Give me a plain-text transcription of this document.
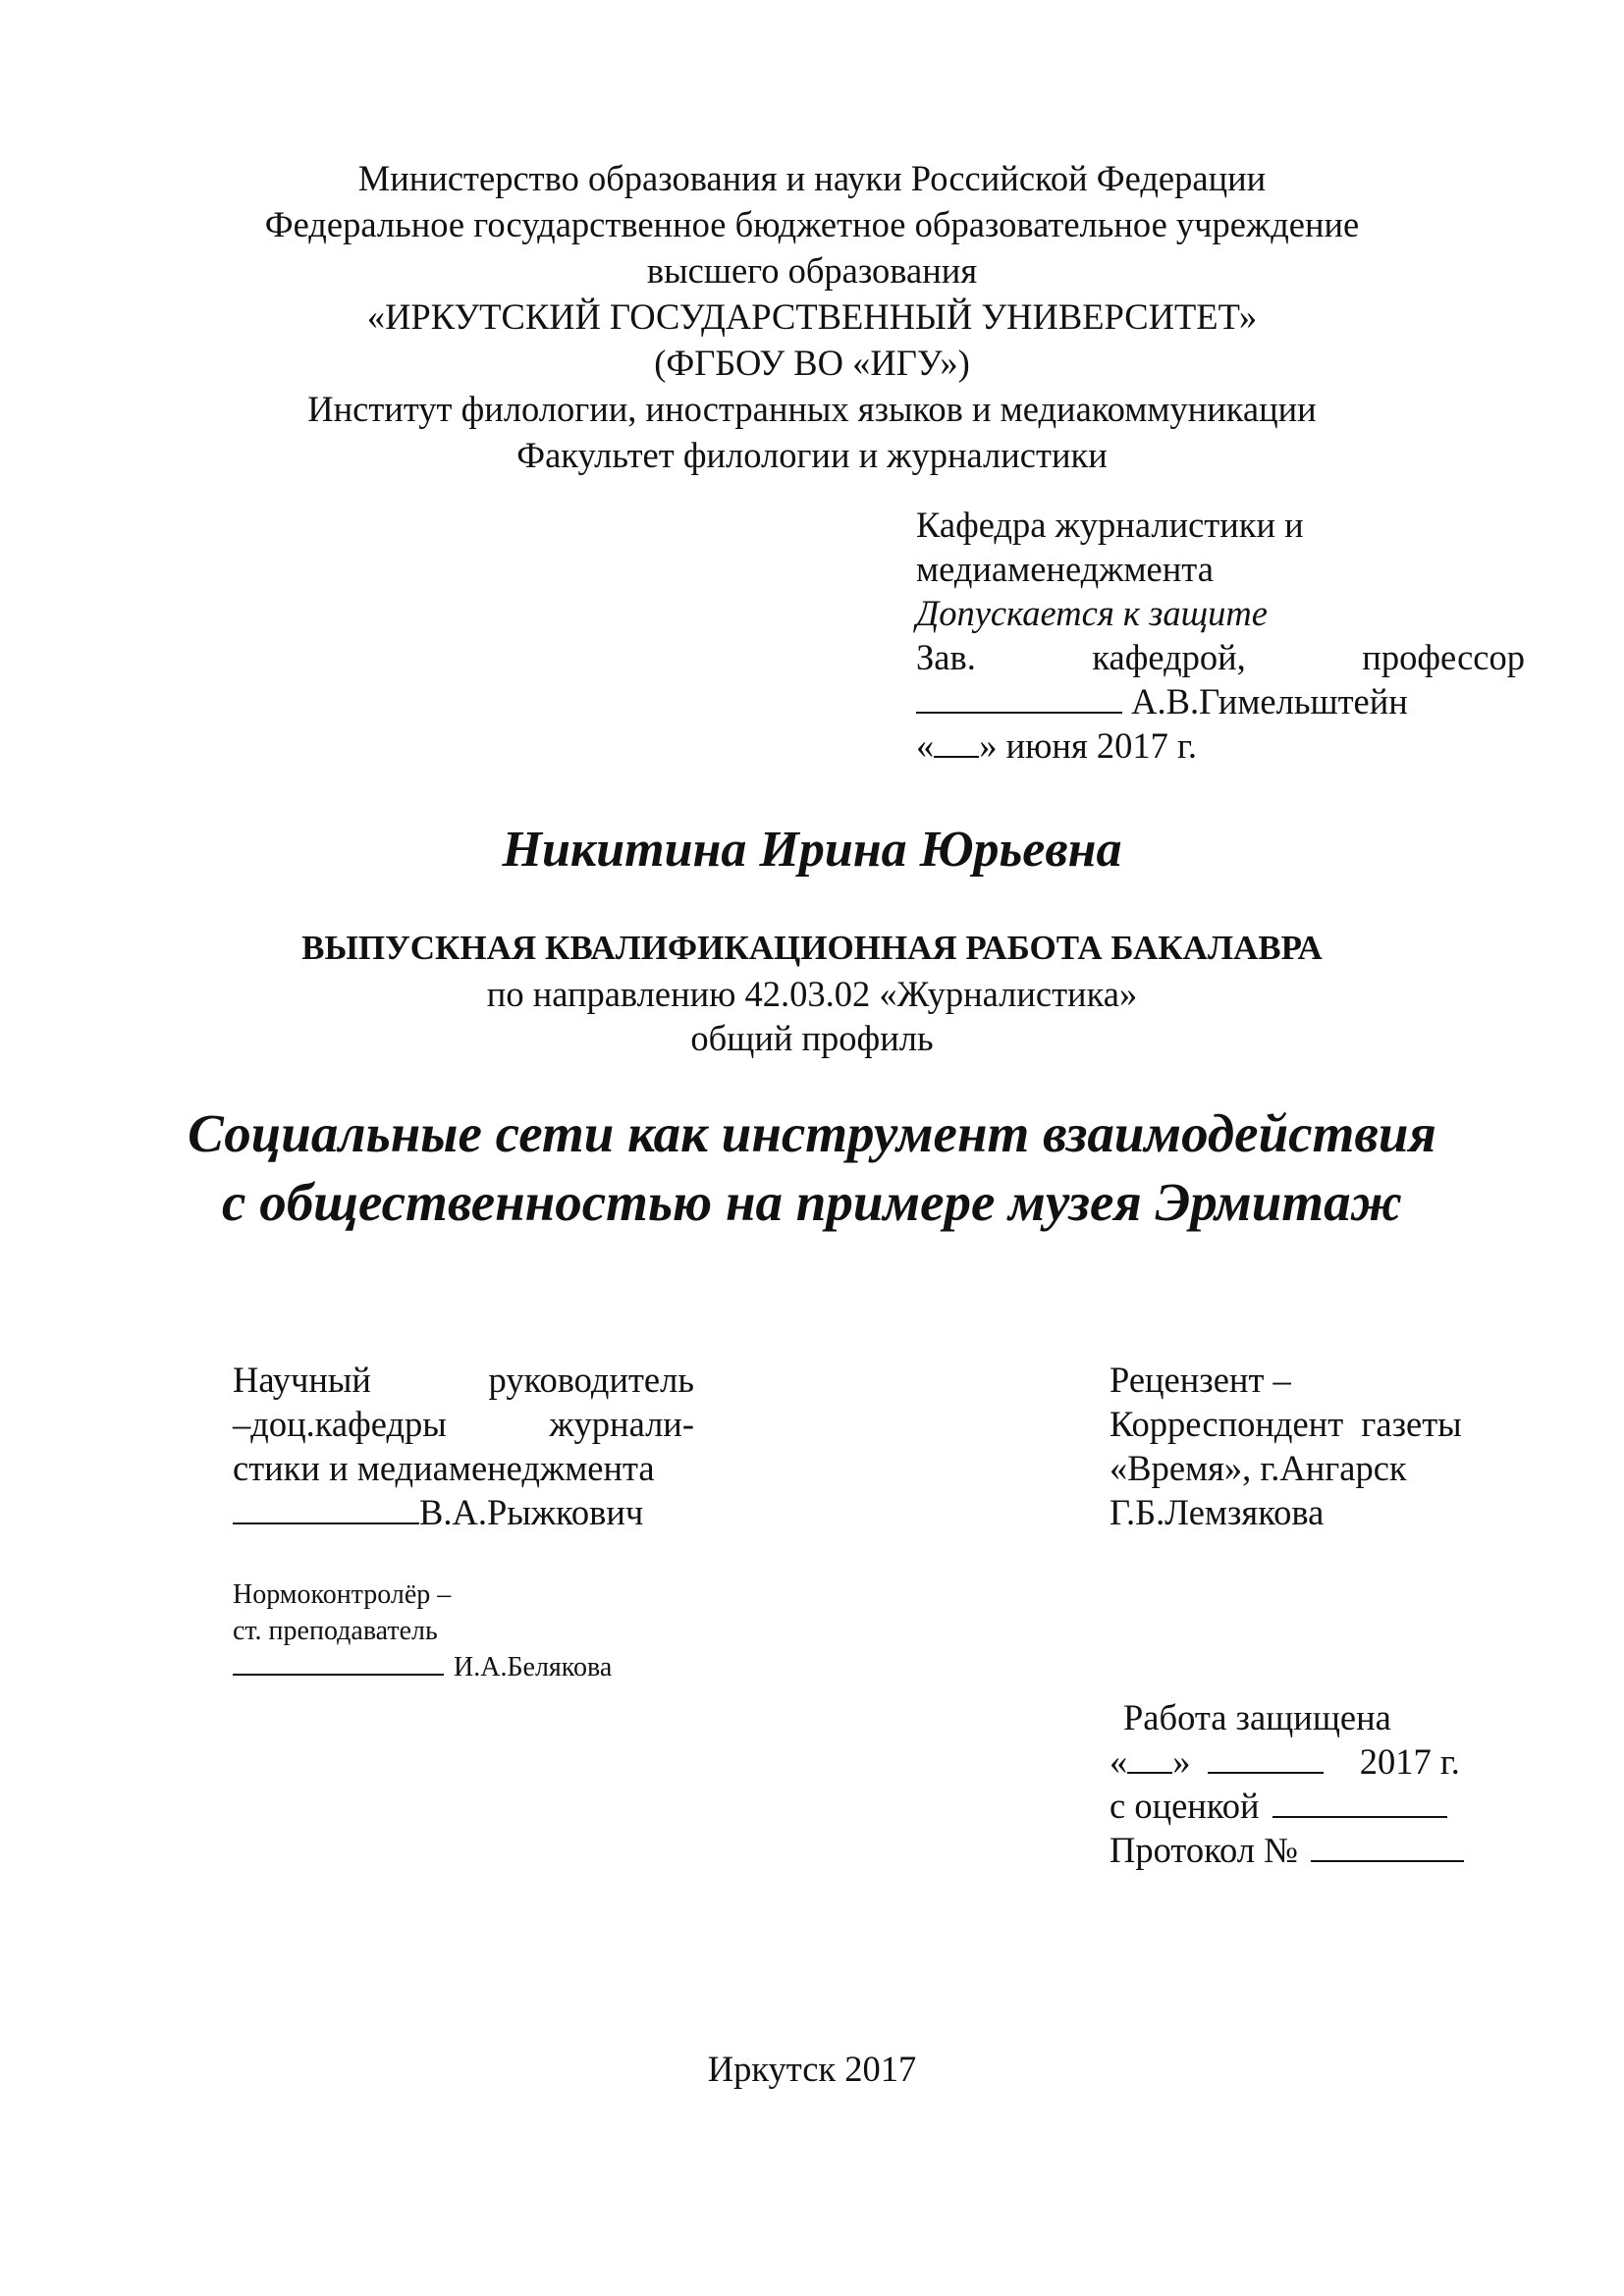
Министерство образования и науки Российской Федерации
Федеральное государственное бюджетное образовательное учреждение
высшего образования
«ИРКУТСКИЙ ГОСУДАРСТВЕННЫЙ УНИВЕРСИТЕТ»
(ФГБОУ ВО «ИГУ»)
Институт филологии, иностранных языков и медиакоммуникации
Факультет филологии и журналистики
Кафедра журналистики и
медиаменеджмента
Допускается к защите
Зав.	кафедрой,	профессор
А.В.Гимельштейн
« » июня 2017 г.
Никитина Ирина Юрьевна
ВЫПУСКНАЯ КВАЛИФИКАЦИОННАЯ РАБОТА БАКАЛАВРА
по направлению 42.03.02 «Журналистика»
общий профиль
Социальные сети как инструмент взаимодействия
с общественностью на примере музея Эрмитаж
Научный	руководитель
–доц.кафедры	журнали-
стики и медиаменеджмента
В.А.Рыжкович
Рецензент –
Корреспондент  газеты
«Время», г.Ангарск
Г.Б.Лемзякова
Нормоконтролёр –
ст. преподаватель
И.А.Белякова
Работа защищена
« »	2017 г.
с оценкой
Протокол №
Иркутск 2017
